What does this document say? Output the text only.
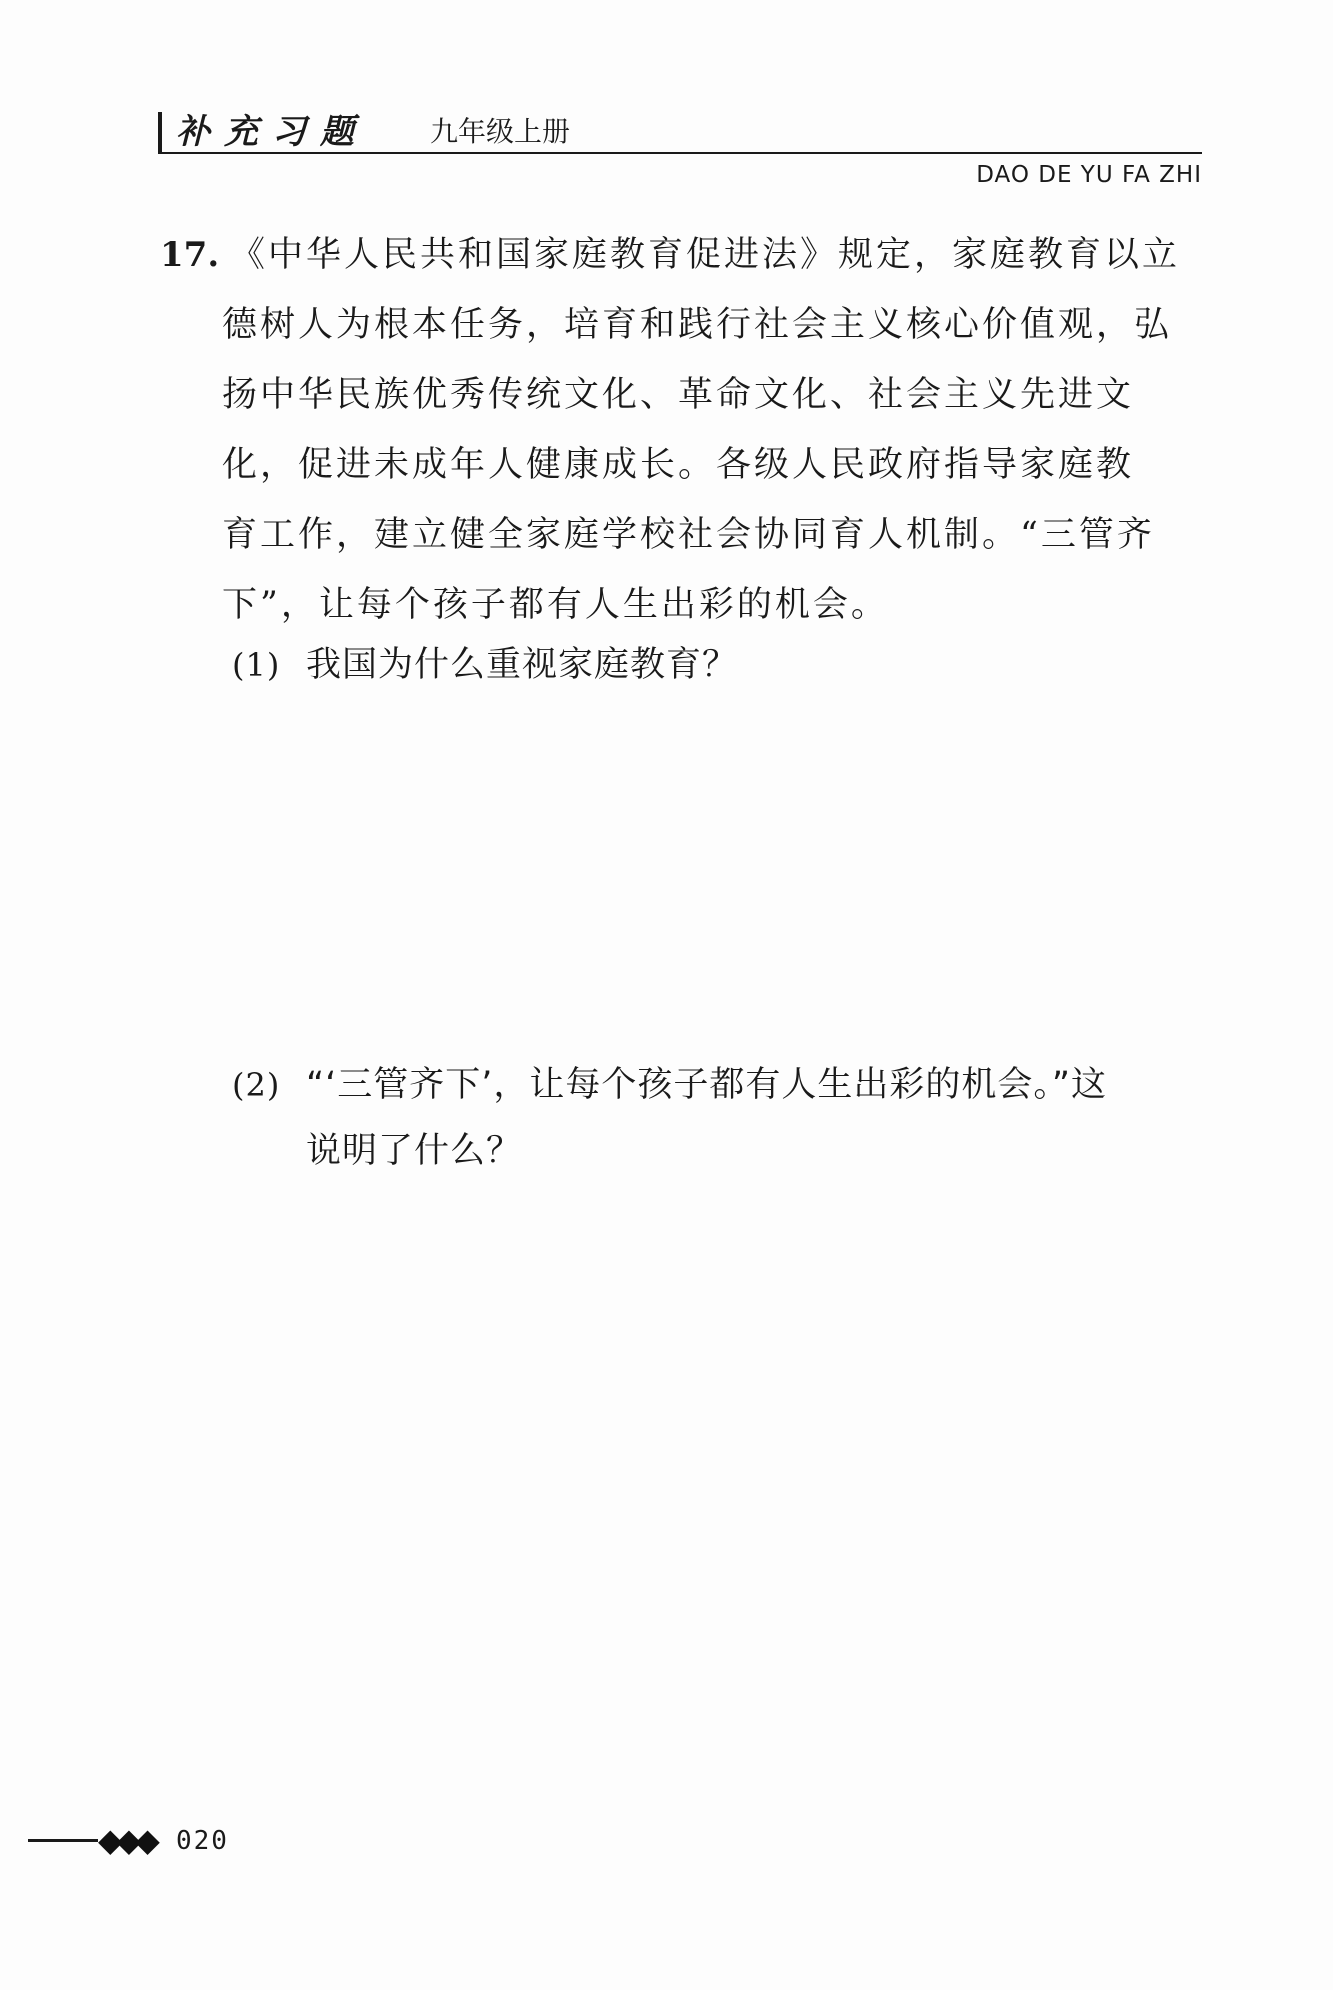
补充习题 九年级上册
DAO DE YU FA ZHI
17. 《中华人民共和国家庭教育促进法》规定，家庭教育以立
德树人为根本任务，培育和践行社会主义核心价值观，弘
扬中华民族优秀传统文化、革命文化、社会主义先进文
化，促进未成年人健康成长。各级人民政府指导家庭教
育工作，建立健全家庭学校社会协同育人机制。“三管齐
下”，让每个孩子都有人生出彩的机会。
(1) 我国为什么重视家庭教育？
(2) “‘三管齐下’，让每个孩子都有人生出彩的机会。”这
说明了什么？
◆◆◆ 020
